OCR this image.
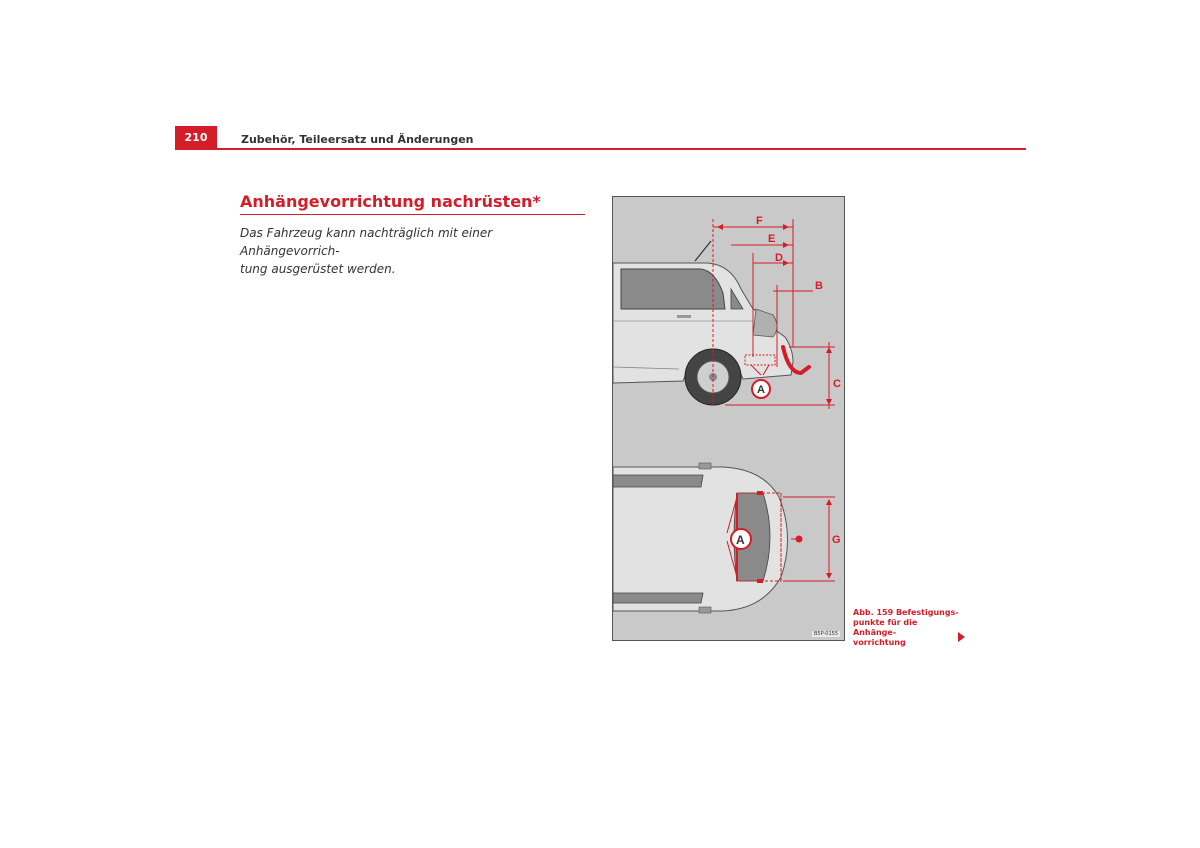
210	Zubehör, Teileersatz und Änderungen
Anhängevorrichtung nachrüsten*
Das Fahrzeug kann nachträglich mit einer Anhängevorrich-
tung ausgerüstet werden.
F
E
D
B
C
A
A	G
B5P-0155
Abb. 159 Befestigungs-
punkte für die Anhänge-
vorrichtung
